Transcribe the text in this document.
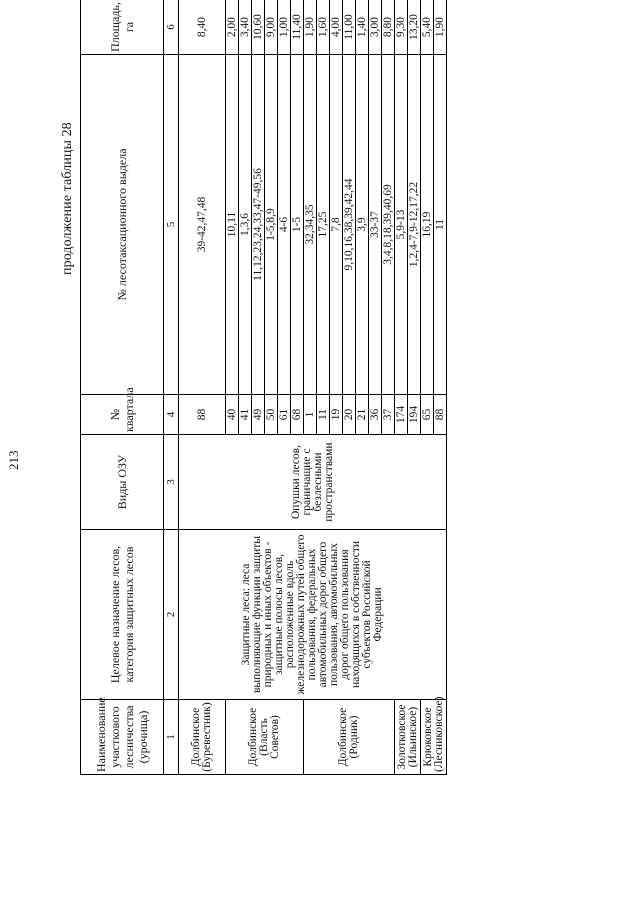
213
продолжение таблицы 28
Наименование участкового лесничества (урочища)	Целевое назначение лесов, категория защитных лесов	Виды ОЗУ	№ квартала	№ лесотаксационного выдела	Площадь, га
1	2	3	4	5	6
Долбинское (Буревестник)	Защитные леса: леса выполняющие функции защиты природных и иных объектов - защитные полосы лесов, расположенные вдоль железнодорожных путей общего пользования, федеральных автомобильных дорог общего пользования, автомобильных дорог общего пользования находящихся в собственности субъектов Российской Федерации	Опушки лесов, граничащие с безлесными пространствами	88	39-42,47,48	8,40
Долбинское (Власть Советов)			40	10,11	2,00
			41	1,3,6	3,40
			49	11,12,23,24,33,47-49,56	10,60
			50	1-5,8,9	9,00
			61	4-6	1,00
			68	1-5	11,40
Долбинское (Родник)			1	32,34,35	1,90
			11	17,25	1,60
			19	7,8	4,00
			20	9,10,16,38,39,42,44	11,00
			21	3,9	1,40
			36	33-37	3,00
			37	3,4,8,18,39,40,69	8,80
Золотковское (Ильинское)			174	5,9-13	9,30
			194	1,2,4-7,9-12,17,22	13,20
Крюковское (Лесниковское)			65	16,19	5,40
			88	11	1,90
